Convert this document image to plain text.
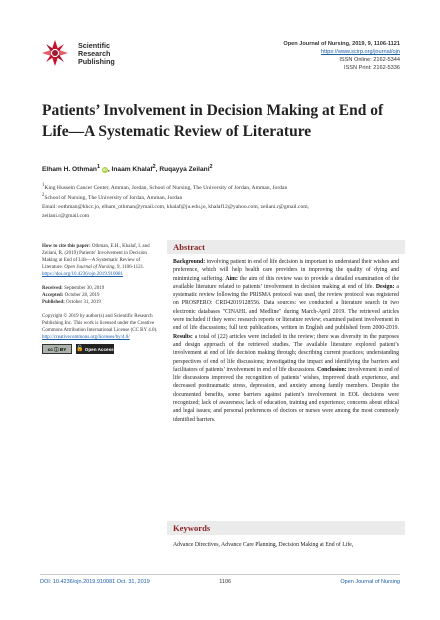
Scientific
Research
Publishing
Open Journal of Nursing, 2019, 9, 1106-1121
https://www.scirp.org/journal/ojn
ISSN Online: 2162-5344
ISSN Print: 2162-5336
Patients’ Involvement in Decision Making at End of Life—A Systematic Review of Literature
Elham H. Othman$^1$ iD, Inaam Khalaf$^2$, Ruqayya Zeilani$^2$
$^1$King Hussein Cancer Center, Amman, Jordan, School of Nursing, The University of Jordan, Amman, Jordan
$^2$School of Nursing, The University of Jordan, Amman, Jordan
Email: eothman@khcc.jo, elham_othman@ymail.com, khalaf@ju.edu.jo, khalaf12@yahoo.com, zeilani.r@gmail.com,
zeilani.r@gmail.com
How to cite this paper: Othman, E.H., Khalaf, I. and Zeilani, R. (2019) Patients’ Involvement in Decision Making at End of Life—A Systematic Review of Literature. Open Journal of Nursing, 9, 1106-1121.
https://doi.org/10.4236/ojn.2019.910081
Received: September 30, 2019
Accepted: October 28, 2019
Published: October 31, 2019
Copyright © 2019 by author(s) and Scientific Research Publishing Inc. This work is licensed under the Creative Commons Attribution International License (CC BY 4.0).
http://creativecommons.org/licenses/by/4.0/
cc ⓘ BY	🔓 Open Access
Abstract
Background: involving patient in end of life decision is important to understand their wishes and preference, which will help health care providers in improving the quality of dying and minimizing suffering. Aim: the aim of this review was to provide a detailed examination of the available literature related to patients’ involvement in decision making at end of life. Design: a systematic review following the PRISMA protocol was used, the review protocol was registered on PROSPERO: CRD42019128556. Data sources: we conducted a literature search in two electronic databases "CINAHL and Medline" during March-April 2019. The retrieved articles were included if they were: research reports or literature review; examined patient involvement in end of life discussions; full text publications, written in English and published from 2000-2019. Results: a total of (22) articles were included in the review; there was diversity in the purposes and design approach of the retrieved studies. The available literature explored patient’s involvement at end of life decision making through; describing current practices; understanding perspectives of end of life discussions; investigating the impact and identifying the barriers and facilitators of patients’ involvement in end of life discussions. Conclusion: involvement in end of life discussions improved the recognition of patients’ wishes, improved death experience, and decreased posttraumatic stress, depression, and anxiety among family members. Despite the documented benefits, some barriers against patient’s involvement in EOL decisions were recognized; lack of awareness; lack of education, training and experience; concerns about ethical and legal issues; and personal preferences of doctors or nurses were among the most commonly identified barriers.
Keywords
Advance Directives, Advance Care Planning, Decision Making at End of Life,
DOI: 10.4236/ojn.2019.910081 Oct. 31, 2019	1106	Open Journal of Nursing
